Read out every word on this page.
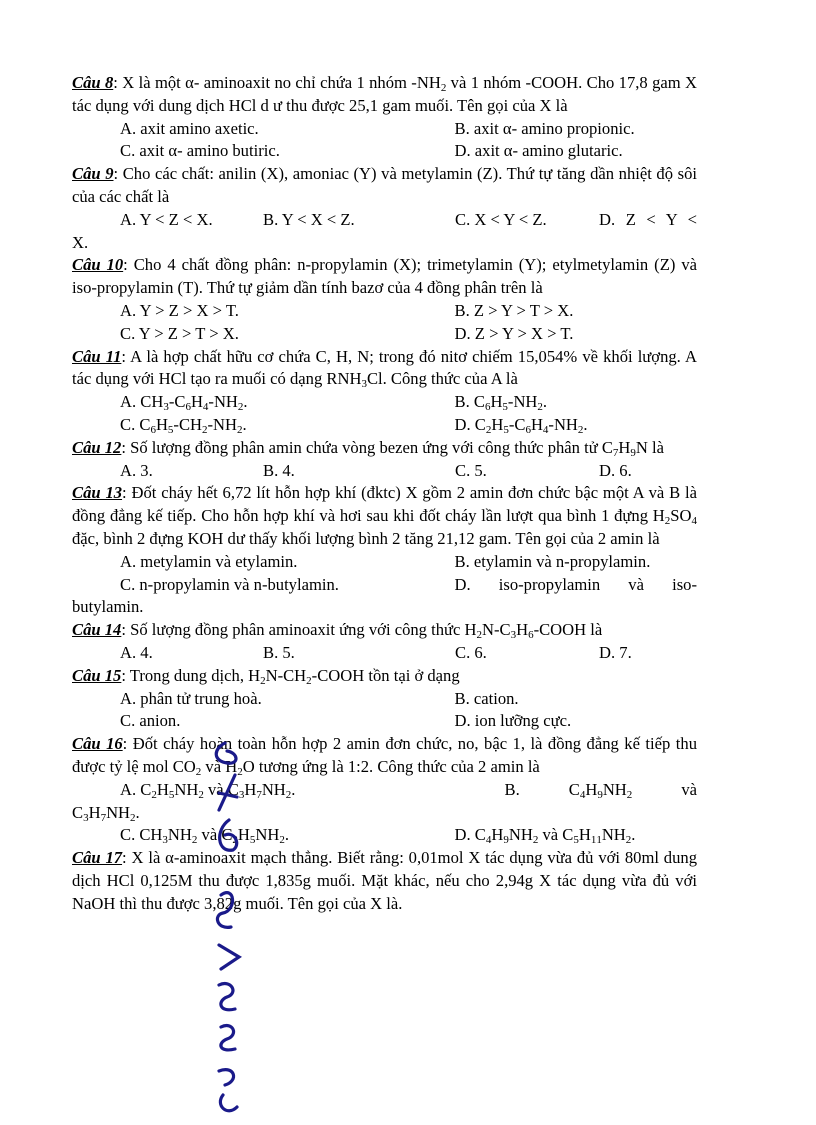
Câu 8: X là một α- aminoaxit no chỉ chứa 1 nhóm $-NH_2$ và 1 nhóm -COOH. Cho 17,8 gam X tác dụng với dung dịch HCl d ư thu được 25,1 gam muối. Tên gọi của X là

A. axit amino axetic.	B. axit α- amino propionic.
C. axit α- amino butiric.	D. axit α- amino glutaric.

Câu 9: Cho các chất: anilin (X), amoniac (Y) và metylamin (Z). Thứ tự tăng dần nhiệt độ sôi của các chất là

A. Y < Z < X.	B. Y < X < Z.	C. X < Y < Z.	D. Z < Y <
X.

Câu 10: Cho 4 chất đồng phân: n-propylamin (X); trimetylamin (Y); etylmetylamin (Z) và iso-propylamin (T). Thứ tự giảm dần tính bazơ của 4 đồng phân trên là

A. Y > Z > X > T.	B. Z > Y > T > X.
C. Y > Z > T > X.	D. Z > Y > X > T.

Câu 11: A là hợp chất hữu cơ chứa C, H, N; trong đó nitơ chiếm 15,054% về khối lượng. A tác dụng với HCl tạo ra muối có dạng $RNH_3Cl$. Công thức của A là

A. $CH_3-C_6H_4-NH_2$.	B. $C_6H_5-NH_2$.
C. $C_6H_5-CH_2-NH_2$.	D. $C_2H_5-C_6H_4-NH_2$.

Câu 12: Số lượng đồng phân amin chứa vòng bezen ứng với công thức phân tử $C_7H_9N$ là

A. 3.	B. 4.	C. 5.	D. 6.

Câu 13: Đốt cháy hết 6,72 lít hỗn hợp khí (đktc) X gồm 2 amin đơn chức bậc một A và B là đồng đẳng kế tiếp. Cho hỗn hợp khí và hơi sau khi đốt cháy lần lượt qua bình 1 đựng $H_2SO_4$ đặc, bình 2 đựng KOH dư thấy khối lượng bình 2 tăng 21,12 gam. Tên gọi của 2 amin là

A. metylamin và etylamin.	B. etylamin và n-propylamin.
C. n-propylamin và n-butylamin.	D. iso-propylamin và iso-
butylamin.

Câu 14: Số lượng đồng phân aminoaxit ứng với công thức $H_2N-C_3H_6$-COOH là

A. 4.	B. 5.	C. 6.	D. 7.

Câu 15: Trong dung dịch, $H_2N-CH_2$-COOH tồn tại ở dạng

A. phân tử trung hoà.	B. cation.
C. anion.	D. ion lưỡng cực.

Câu 16: Đốt cháy hoàn toàn hỗn hợp 2 amin đơn chức, no, bậc 1, là đồng đẳng kế tiếp thu được tỷ lệ mol $CO_2$ và $H_2O$ tương ứng là 1:2. Công thức của 2 amin là

A. $C_2H_5NH_2$ và $C_3H_7NH_2$.	B.	$C_4H_9NH_2$	và
$C_3H_7NH_2$.
C. $CH_3NH_2$ và $C_2H_5NH_2$.	D. $C_4H_9NH_2$ và $C_5H_{11}NH_2$.

Câu 17: X là α-aminoaxit mạch thẳng. Biết rằng: 0,01mol X tác dụng vừa đủ với 80ml dung dịch HCl 0,125M thu được 1,835g muối. Mặt khác, nếu cho 2,94g X tác dụng vừa đủ với NaOH thì thu được 3,82g muối. Tên gọi của X là.
